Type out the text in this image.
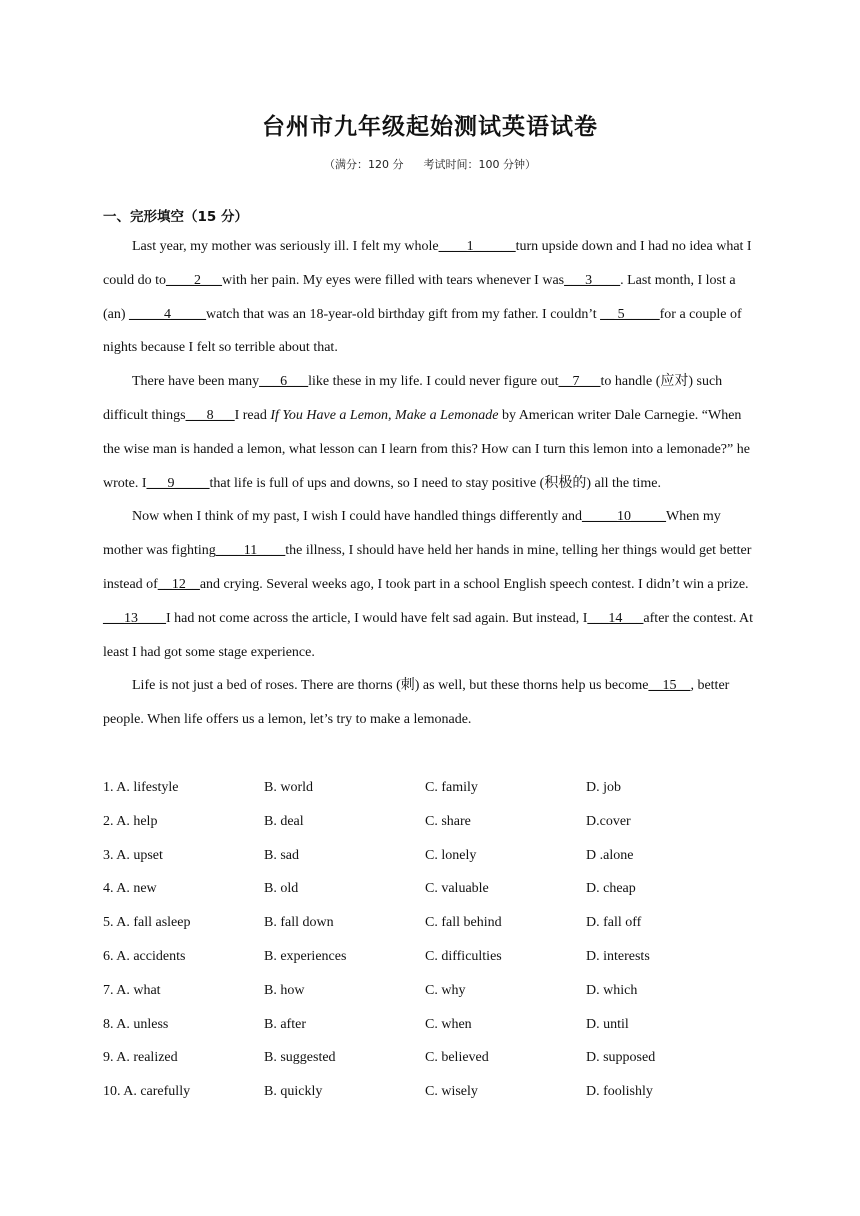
台州市九年级起始测试英语试卷
（满分：120 分 考试时间：100 分钟）
一、完形填空（15 分）

Last year, my mother was seriously ill. I felt my whole____1______turn upside down and I had no idea what I could do to____2___with her pain. My eyes were filled with tears whenever I was___3____. Last month, I lost a (an) _____4_____watch that was an 18-year-old birthday gift from my father. I couldn’t __ 5_____for a couple of nights because I felt so terrible about that.

There have been many___6___like these in my life. I could never figure out__7___to handle (应对) such difficult things___8___I read If You Have a Lemon, Make a Lemonade by American writer Dale Carnegie. “When the wise man is handed a lemon, what lesson can I learn from this? How can I turn this lemon into a lemonade?” he wrote. I___9_____that life is full of ups and downs, so I need to stay positive (积极的) all the time.

Now when I think of my past, I wish I could have handled things differently and_____10_____When my mother was fighting____11____the illness, I should have held her hands in mine, telling her things would get better instead of__12__and crying. Several weeks ago, I took part in a school English speech contest. I didn’t win a prize. ___13____I had not come across the article, I would have felt sad again. But instead, I___14___after the contest. At least I had got some stage experience.

Life is not just a bed of roses. There are thorns (刺) as well, but these thorns help us become__15__, better people. When life offers us a lemon, let’s try to make a lemonade.

1. A. lifestyle	B. world	C. family	D. job
2. A. help	B. deal	C. share	D.cover
3. A. upset	B. sad	C. lonely	D .alone
4. A. new	B. old	C. valuable	D. cheap
5. A. fall asleep	B. fall down	C. fall behind	D. fall off
6. A. accidents	B. experiences	C. difficulties	D. interests
7. A. what	B. how	C. why	D. which
8. A. unless	B. after	C. when	D. until
9. A. realized	B. suggested	C. believed	D. supposed
10. A. carefully	B. quickly	C. wisely	D. foolishly
